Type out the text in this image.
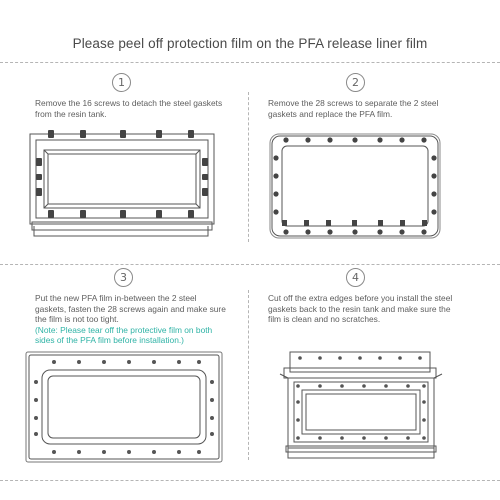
Please peel off protection film on the PFA release liner film
1
Remove the 16 screws to detach the steel gaskets from the resin tank.
2
Remove the 28 screws to separate the 2 steel gaskets and replace the PFA film.
3
Put the new PFA film in-between the 2 steel gaskets, fasten the 28 screws again and make sure the film is not too tight.
(Note: Please tear off the protective film on both sides of the PFA film before installation.)
4
Cut off the extra edges before you install the steel gaskets back to the resin tank and make sure the film is clean and no scratches.
